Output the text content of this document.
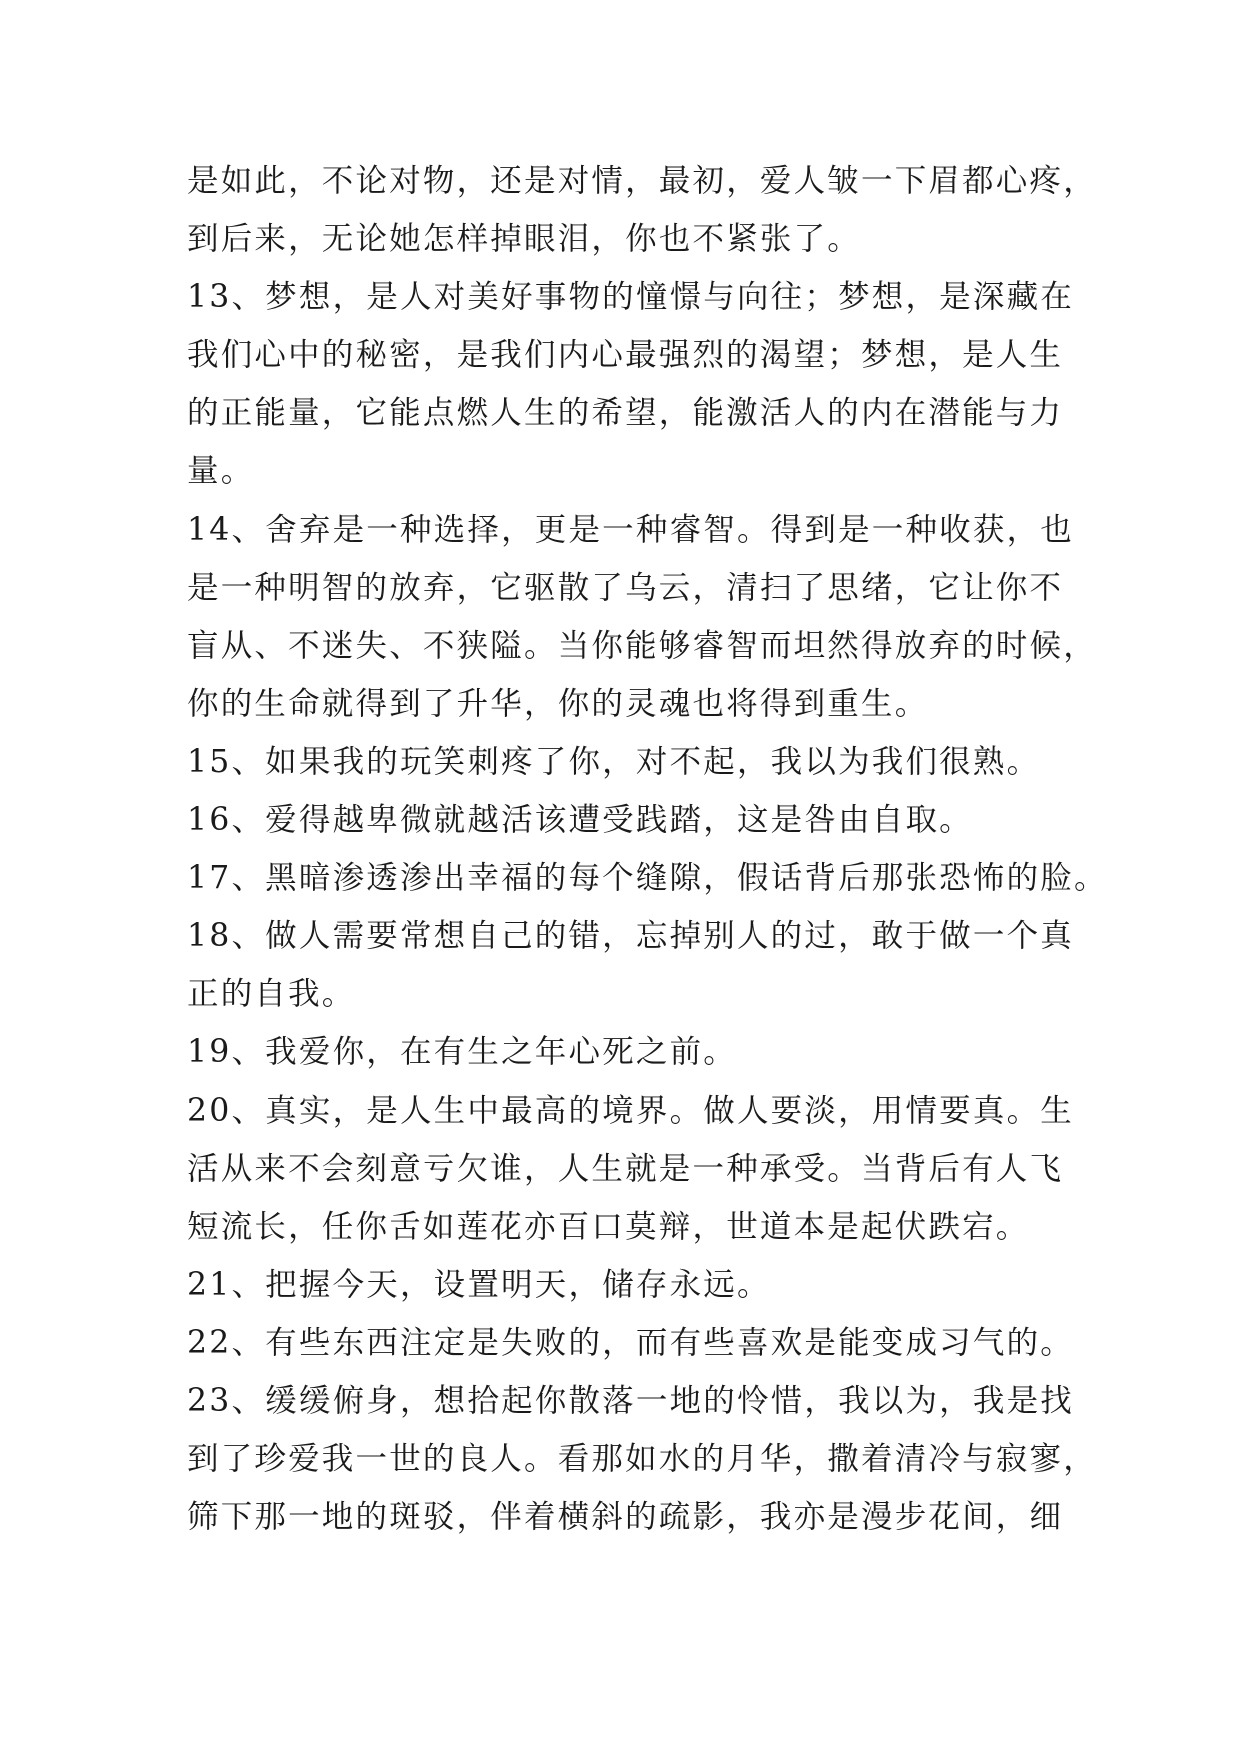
是如此，不论对物，还是对情，最初，爱人皱一下眉都心疼，
到后来，无论她怎样掉眼泪，你也不紧张了。
13、梦想，是人对美好事物的憧憬与向往；梦想，是深藏在
我们心中的秘密，是我们内心最强烈的渴望；梦想，是人生
的正能量，它能点燃人生的希望，能激活人的内在潜能与力
量。
14、舍弃是一种选择，更是一种睿智。得到是一种收获，也
是一种明智的放弃，它驱散了乌云，清扫了思绪，它让你不
盲从、不迷失、不狭隘。当你能够睿智而坦然得放弃的时候，
你的生命就得到了升华，你的灵魂也将得到重生。
15、如果我的玩笑刺疼了你，对不起，我以为我们很熟。
16、爱得越卑微就越活该遭受践踏，这是咎由自取。
17、黑暗渗透渗出幸福的每个缝隙，假话背后那张恐怖的脸。
18、做人需要常想自己的错，忘掉别人的过，敢于做一个真
正的自我。
19、我爱你，在有生之年心死之前。
20、真实，是人生中最高的境界。做人要淡，用情要真。生
活从来不会刻意亏欠谁，人生就是一种承受。当背后有人飞
短流长，任你舌如莲花亦百口莫辩，世道本是起伏跌宕。
21、把握今天，设置明天，储存永远。
22、有些东西注定是失败的，而有些喜欢是能变成习气的。
23、缓缓俯身，想拾起你散落一地的怜惜，我以为，我是找
到了珍爱我一世的良人。看那如水的月华，撒着清冷与寂寥，
筛下那一地的斑驳，伴着横斜的疏影，我亦是漫步花间，细
